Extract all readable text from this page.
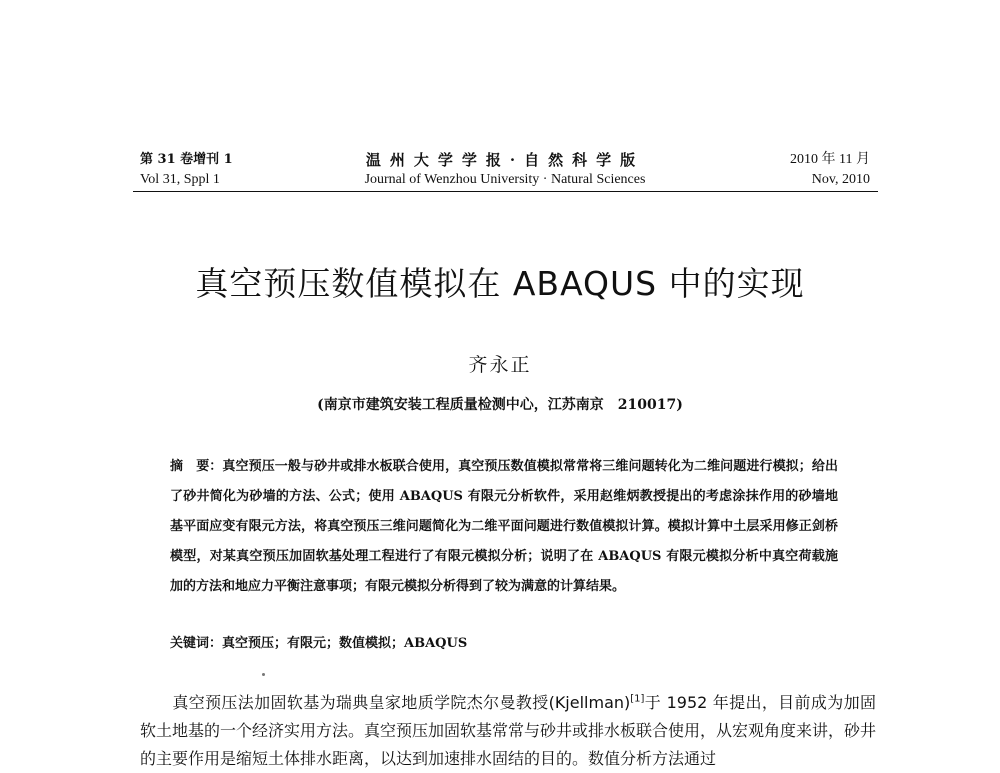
第 31 卷增刊 1
Vol 31, Sppl 1
温州大学学报·自然科学版
Journal of Wenzhou University · Natural Sciences
2010 年 11 月
Nov, 2010
真空预压数值模拟在 ABAQUS 中的实现
齐永正
(南京市建筑安装工程质量检测中心，江苏南京　210017)
摘　要：真空预压一般与砂井或排水板联合使用，真空预压数值模拟常常将三维问题转化为二维问题进行模拟；给出了砂井简化为砂墙的方法、公式；使用 ABAQUS 有限元分析软件，采用赵维炳教授提出的考虑涂抹作用的砂墙地基平面应变有限元方法，将真空预压三维问题简化为二维平面问题进行数值模拟计算。模拟计算中土层采用修正剑桥模型，对某真空预压加固软基处理工程进行了有限元模拟分析；说明了在 ABAQUS 有限元模拟分析中真空荷载施加的方法和地应力平衡注意事项；有限元模拟分析得到了较为满意的计算结果。
关键词：真空预压；有限元；数值模拟；ABAQUS
真空预压法加固软基为瑞典皇家地质学院杰尔曼教授(Kjellman)[1]于 1952 年提出，目前成为加固软土地基的一个经济实用方法。真空预压加固软基常常与砂井或排水板联合使用，从宏观角度来讲，砂井的主要作用是缩短土体排水距离，以达到加速排水固结的目的。数值分析方法通过
